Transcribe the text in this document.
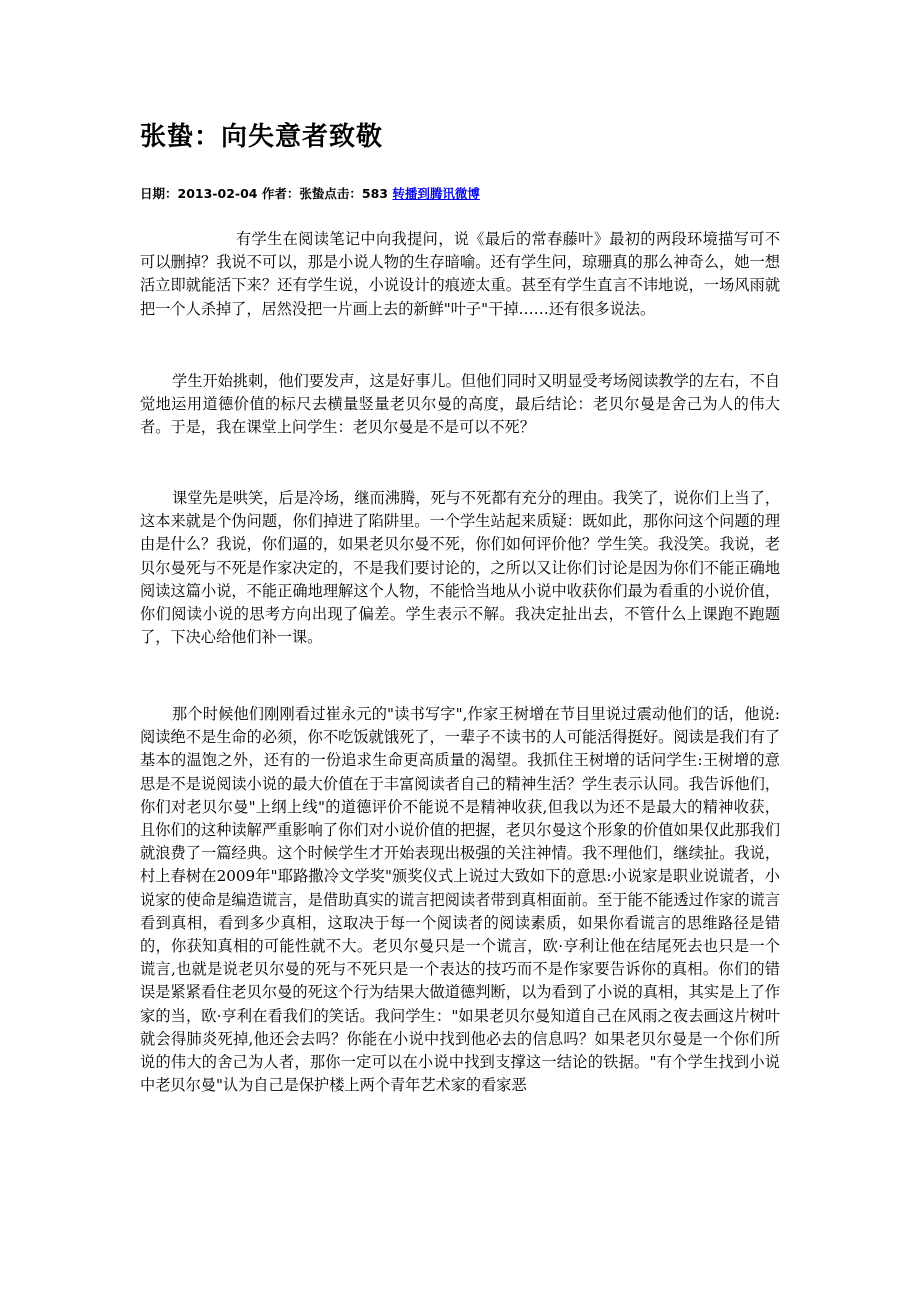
张蛰：向失意者致敬
日期：2013-02-04 作者：张蛰点击：583 转播到腾讯微博

有学生在阅读笔记中向我提问，说《最后的常春藤叶》最初的两段环境描写可不可以删掉？我说不可以，那是小说人物的生存暗喻。还有学生问，琼珊真的那么神奇么，她一想活立即就能活下来？还有学生说，小说设计的痕迹太重。甚至有学生直言不讳地说，一场风雨就把一个人杀掉了，居然没把一片画上去的新鲜"叶子"干掉……还有很多说法。

学生开始挑刺，他们要发声，这是好事儿。但他们同时又明显受考场阅读教学的左右，不自觉地运用道德价值的标尺去横量竖量老贝尔曼的高度，最后结论：老贝尔曼是舍己为人的伟大者。于是，我在课堂上问学生：老贝尔曼是不是可以不死？

课堂先是哄笑，后是冷场，继而沸腾，死与不死都有充分的理由。我笑了，说你们上当了，这本来就是个伪问题，你们掉进了陷阱里。一个学生站起来质疑：既如此，那你问这个问题的理由是什么？我说，你们逼的，如果老贝尔曼不死，你们如何评价他？学生笑。我没笑。我说，老贝尔曼死与不死是作家决定的，不是我们要讨论的，之所以又让你们讨论是因为你们不能正确地阅读这篇小说，不能正确地理解这个人物，不能恰当地从小说中收获你们最为看重的小说价值，你们阅读小说的思考方向出现了偏差。学生表示不解。我决定扯出去，不管什么上课跑不跑题了，下决心给他们补一课。

那个时候他们刚刚看过崔永元的"读书写字",作家王树增在节目里说过震动他们的话，他说:阅读绝不是生命的必须，你不吃饭就饿死了，一辈子不读书的人可能活得挺好。阅读是我们有了基本的温饱之外，还有的一份追求生命更高质量的渴望。我抓住王树增的话问学生:王树增的意思是不是说阅读小说的最大价值在于丰富阅读者自己的精神生活？学生表示认同。我告诉他们，你们对老贝尔曼"上纲上线"的道德评价不能说不是精神收获,但我以为还不是最大的精神收获，且你们的这种读解严重影响了你们对小说价值的把握，老贝尔曼这个形象的价值如果仅此那我们就浪费了一篇经典。这个时候学生才开始表现出极强的关注神情。我不理他们，继续扯。我说，村上春树在2009年"耶路撒冷文学奖"颁奖仪式上说过大致如下的意思:小说家是职业说谎者，小说家的使命是编造谎言，是借助真实的谎言把阅读者带到真相面前。至于能不能透过作家的谎言看到真相，看到多少真相，这取决于每一个阅读者的阅读素质，如果你看谎言的思维路径是错的，你获知真相的可能性就不大。老贝尔曼只是一个谎言，欧·亨利让他在结尾死去也只是一个谎言,也就是说老贝尔曼的死与不死只是一个表达的技巧而不是作家要告诉你的真相。你们的错误是紧紧看住老贝尔曼的死这个行为结果大做道德判断，以为看到了小说的真相，其实是上了作家的当，欧·亨利在看我们的笑话。我问学生："如果老贝尔曼知道自己在风雨之夜去画这片树叶就会得肺炎死掉,他还会去吗？你能在小说中找到他必去的信息吗？如果老贝尔曼是一个你们所说的伟大的舍己为人者，那你一定可以在小说中找到支撑这一结论的铁据。"有个学生找到小说中老贝尔曼"认为自己是保护楼上两个青年艺术家的看家恶
